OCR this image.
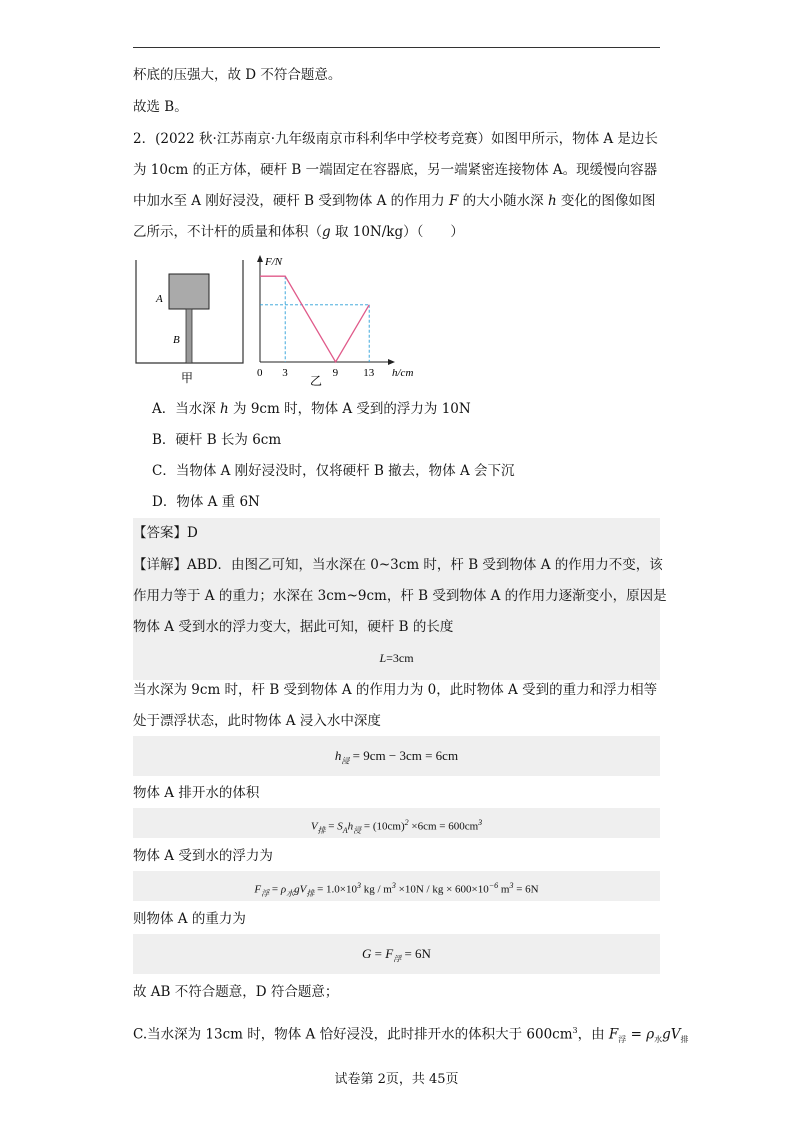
杯底的压强大，故 D 不符合题意。
故选 B。
2．(2022 秋·江苏南京·九年级南京市科利华中学校考竞赛）如图甲所示，物体 A 是边长
为 10cm 的正方体，硬杆 B 一端固定在容器底，另一端紧密连接物体 A。现缓慢向容器
中加水至 A 刚好浸没，硬杆 B 受到物体 A 的作用力 F 的大小随水深 h 变化的图像如图
乙所示，不计杆的质量和体积（g 取 10N/kg）（　　）
A
B
甲
F/N
h/cm
乙
0 3	9 13
A．当水深 h 为 9cm 时，物体 A 受到的浮力为 10N
B．硬杆 B 长为 6cm
C．当物体 A 刚好浸没时，仅将硬杆 B 撤去，物体 A 会下沉
D．物体 A 重 6N
【答案】D
【详解】ABD．由图乙可知，当水深在 0~3cm 时，杆 B 受到物体 A 的作用力不变，该
作用力等于 A 的重力；水深在 3cm~9cm，杆 B 受到物体 A 的作用力逐渐变小，原因是
物体 A 受到水的浮力变大，据此可知，硬杆 B 的长度
L=3cm
当水深为 9cm 时，杆 B 受到物体 A 的作用力为 0，此时物体 A 受到的重力和浮力相等
处于漂浮状态，此时物体 A 浸入水中深度
$h_浸 = 9cm - 3cm = 6cm$
物体 A 排开水的体积
$V_排 = S_Ah_浸 = (10cm)^2 \times 6cm = 600cm^3$
物体 A 受到水的浮力为
$F_浮 = \rho_水gV_排 = 1.0\times 10^3$ kg / $m^3 \times 10N$ / kg × $600\times 10^{-6}$ $m^3 = 6N$
则物体 A 的重力为
$G = F_浮 = 6N$
故 AB 不符合题意，D 符合题意；
C.当水深为 13cm 时，物体 A 恰好浸没，此时排开水的体积大于 $600cm^3$，由 $F_浮 = \rho_水gV_排$
试卷第 2页，共 45页
